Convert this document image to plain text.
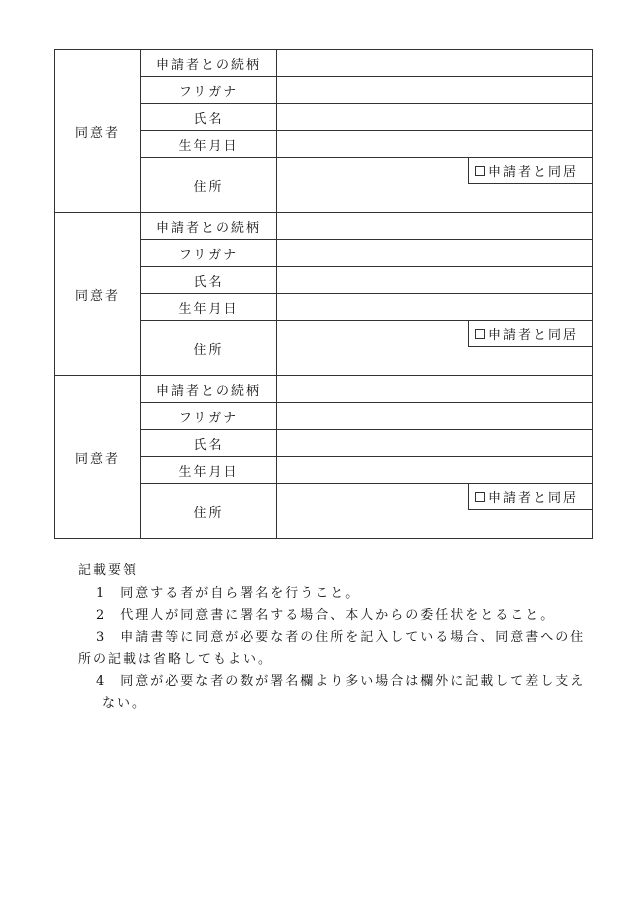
同意者	申請者との続柄	
	フリガナ	
	氏名	
	生年月日	
	住所	申請者と同居

同意者	申請者との続柄	
	フリガナ	
	氏名	
	生年月日	
	住所	申請者と同居

同意者	申請者との続柄	
	フリガナ	
	氏名	
	生年月日	
	住所	申請者と同居

記載要領

1 同意する者が自ら署名を行うこと。

2 代理人が同意書に署名する場合、本人からの委任状をとること。

3 申請書等に同意が必要な者の住所を記入している場合、同意書への住所の記載は省略してもよい。

4 同意が必要な者の数が署名欄より多い場合は欄外に記載して差し支えない。
